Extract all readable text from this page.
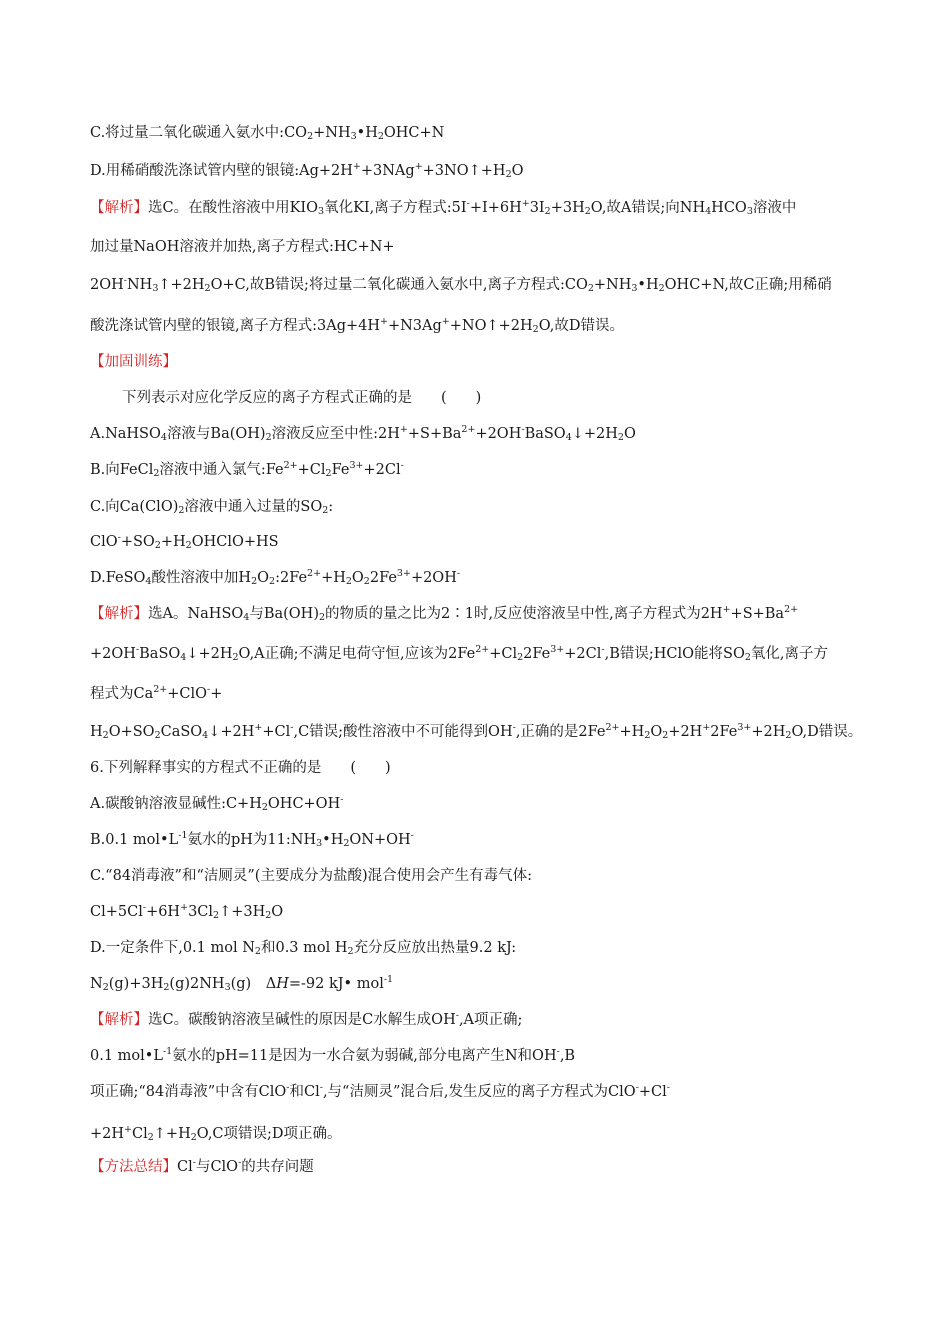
C.将过量二氧化碳通入氨水中$:CO_2+NH_3•H_2OHC+N$
D.用稀硝酸洗涤试管内壁的银镜$:Ag+2H^++3NAg^++3NO↑+H_2O$
【解析】选C。在酸性溶液中用$KIO_3$氧化KI,离子方程式$:5I^-+I+6H^+3I_2+3H_2O$,故A错误;向$NH_4HCO_3$溶液中
加过量NaOH溶液并加热,离子方程式:HC+N+
$2OH^-NH_3↑+2H_2O+C$,故B错误;将过量二氧化碳通入氨水中,离子方程式$:CO_2+NH_3•H_2OHC+N$,故C正确;用稀硝
酸洗涤试管内壁的银镜,离子方程式$:3Ag+4H^++N3Ag^++NO↑+2H_2O$,故D错误。
【加固训练】
下列表示对应化学反应的离子方程式正确的是　　(　　)
A.NaHSO$_4$溶液与$Ba(OH)_2$溶液反应至中性$:2H^++S+Ba^{2+}+2OH^-BaSO_4↓+2H_2O$
B.向FeCl$_2$溶液中通入氯气$:Fe^{2+}+Cl_2Fe^{3+}+2Cl^-$
C.向$Ca(ClO)_2$溶液中通入过量的$SO_2$:
$ClO^-+SO_2+H_2OHClO+HS$
D.FeSO$_4$酸性溶液中加$H_2O_2:2Fe^{2+}+H_2O_22Fe^{3+}+2OH^-$
【解析】选A。NaHSO$_4$与$Ba(OH)_2$的物质的量之比为2∶1时,反应使溶液呈中性,离子方程式为$2H^++S+Ba^{2+}$
$+2OH^-BaSO_4↓+2H_2O,A$正确;不满足电荷守恒,应该为$2Fe^{2+}+Cl_22Fe^{3+}+2Cl^-,B$错误;HClO能将$SO_2$氧化,离子方
程式为$Ca^{2+}+ClO^-+$
$H_2O+SO_2CaSO_4↓+2H^++Cl^-,C$错误;酸性溶液中不可能得到OH-,正确的是$2Fe^{2+}+H_2O_2+2H^+2Fe^{3+}+2H_2O,D$错误。
6.下列解释事实的方程式不正确的是　　(　　)
A.碳酸钠溶液显碱性$:C+H_2OHC+OH^-$
B.0.1 $mol•L^{-1}$氨水的pH为$11:NH_3•H_2ON+OH^-$
C.“84消毒液”和“洁厕灵”(主要成分为盐酸)混合使用会产生有毒气体:
$Cl+5Cl^-+6H^+3Cl_2↑+3H_2O$
D.一定条件下,0.1 mol $N_2$和0.3 mol $H_2$充分反应放出热量9.2 kJ:
$N_2(g)+3H_2(g)2NH_3(g)$　ΔH=-92 kJ• mol$^{-1}$
【解析】选C。碳酸钠溶液呈碱性的原因是C水解生成OH-,A项正确;
0.1 $mol•L^{-1}$氨水的pH=11是因为一水合氨为弱碱,部分电离产生N和OH-,B
项正确;“84消毒液”中含有ClO-和Cl-,与“洁厕灵”混合后,发生反应的离子方程式为ClO-+Cl-
$+2H^+Cl_2↑+H_2O,C$项错误;D项正确。
【方法总结】Cl-与ClO-的共存问题
